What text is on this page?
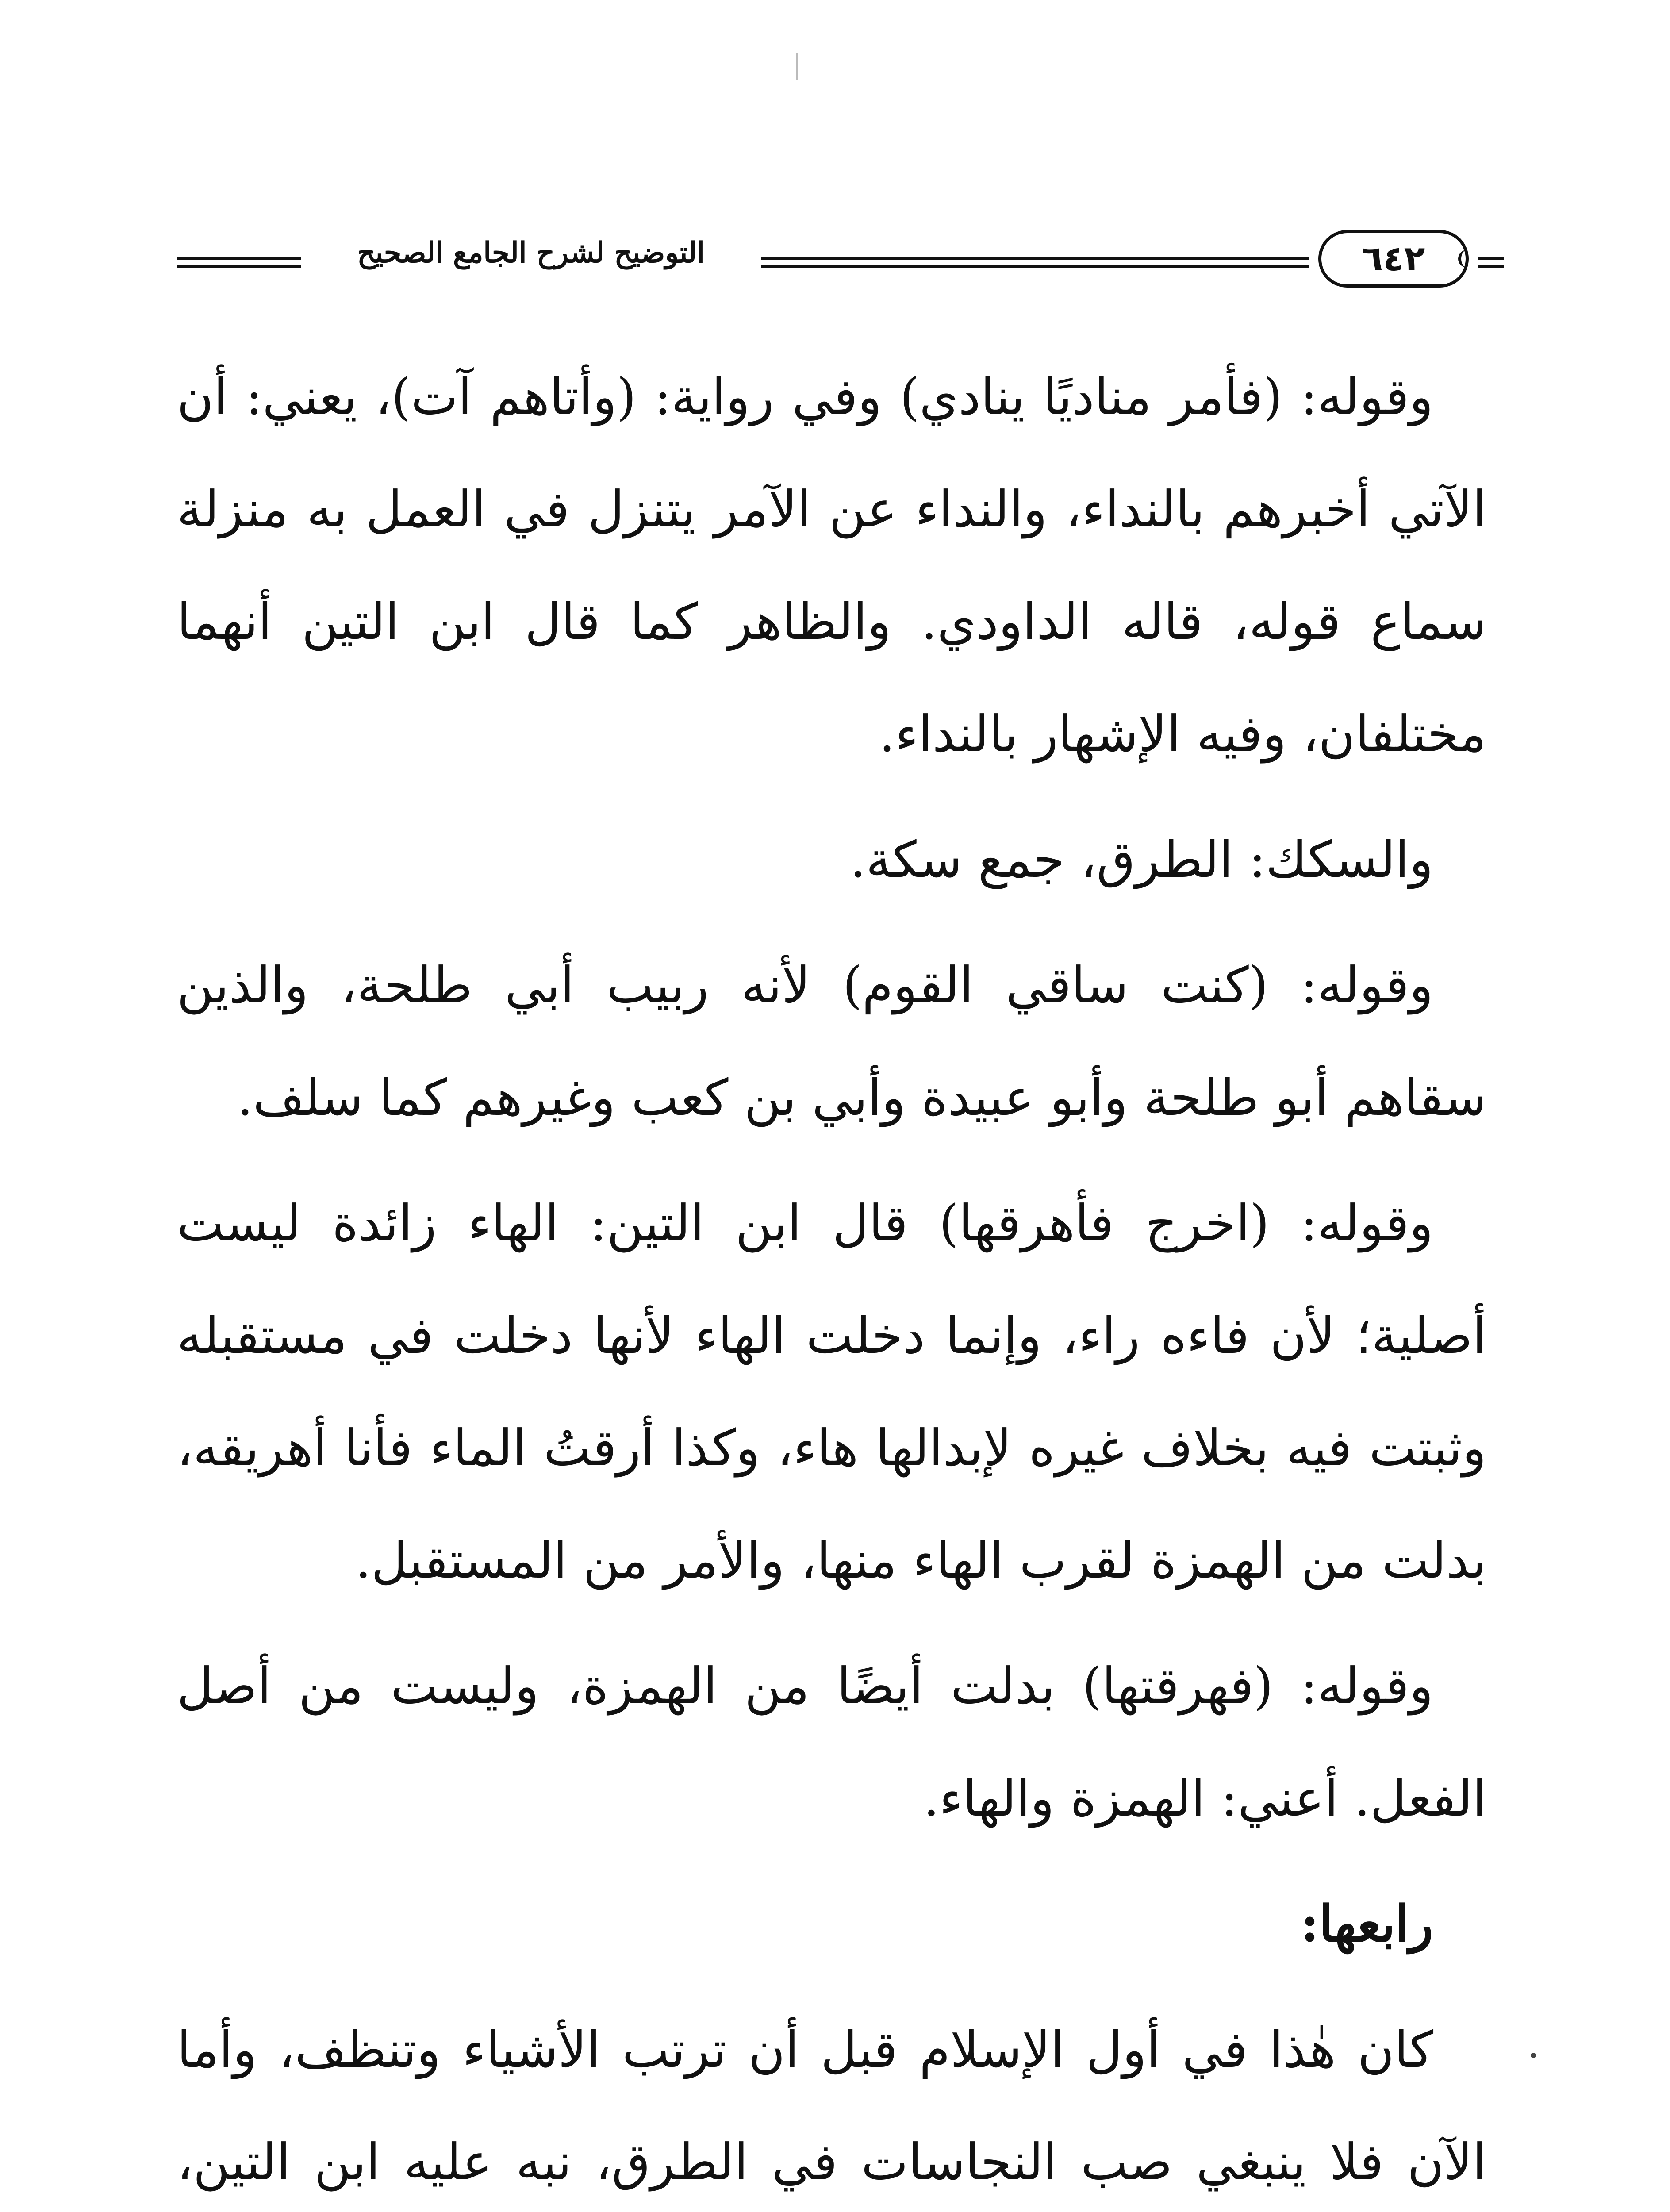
التوضيح لشرح الجامع الصحيح	٦٤٢

وقوله: (فأمر مناديًا ينادي) وفي رواية: (وأتاهم آت)، يعني: أن الآتي أخبرهم بالنداء، والنداء عن الآمر يتنزل في العمل به منزلة سماع قوله، قاله الداودي. والظاهر كما قال ابن التين أنهما مختلفان، وفيه الإشهار بالنداء.

والسكك: الطرق، جمع سكة.

وقوله: (كنت ساقي القوم) لأنه ربيب أبي طلحة، والذين سقاهم أبو طلحة وأبو عبيدة وأبي بن كعب وغيرهم كما سلف.

وقوله: (اخرج فأهرقها) قال ابن التين: الهاء زائدة ليست أصلية؛ لأن فاءه راء، وإنما دخلت الهاء لأنها دخلت في مستقبله وثبتت فيه بخلاف غيره لإبدالها هاء، وكذا أرقتُ الماء فأنا أهريقه، بدلت من الهمزة لقرب الهاء منها، والأمر من المستقبل.

وقوله: (فهرقتها) بدلت أيضًا من الهمزة، وليست من أصل الفعل. أعني: الهمزة والهاء.

رابعها:

كان هٰذا في أول الإسلام قبل أن ترتب الأشياء وتنظف، وأما الآن فلا ينبغي صب النجاسات في الطرق، نبه عليه ابن التين،
